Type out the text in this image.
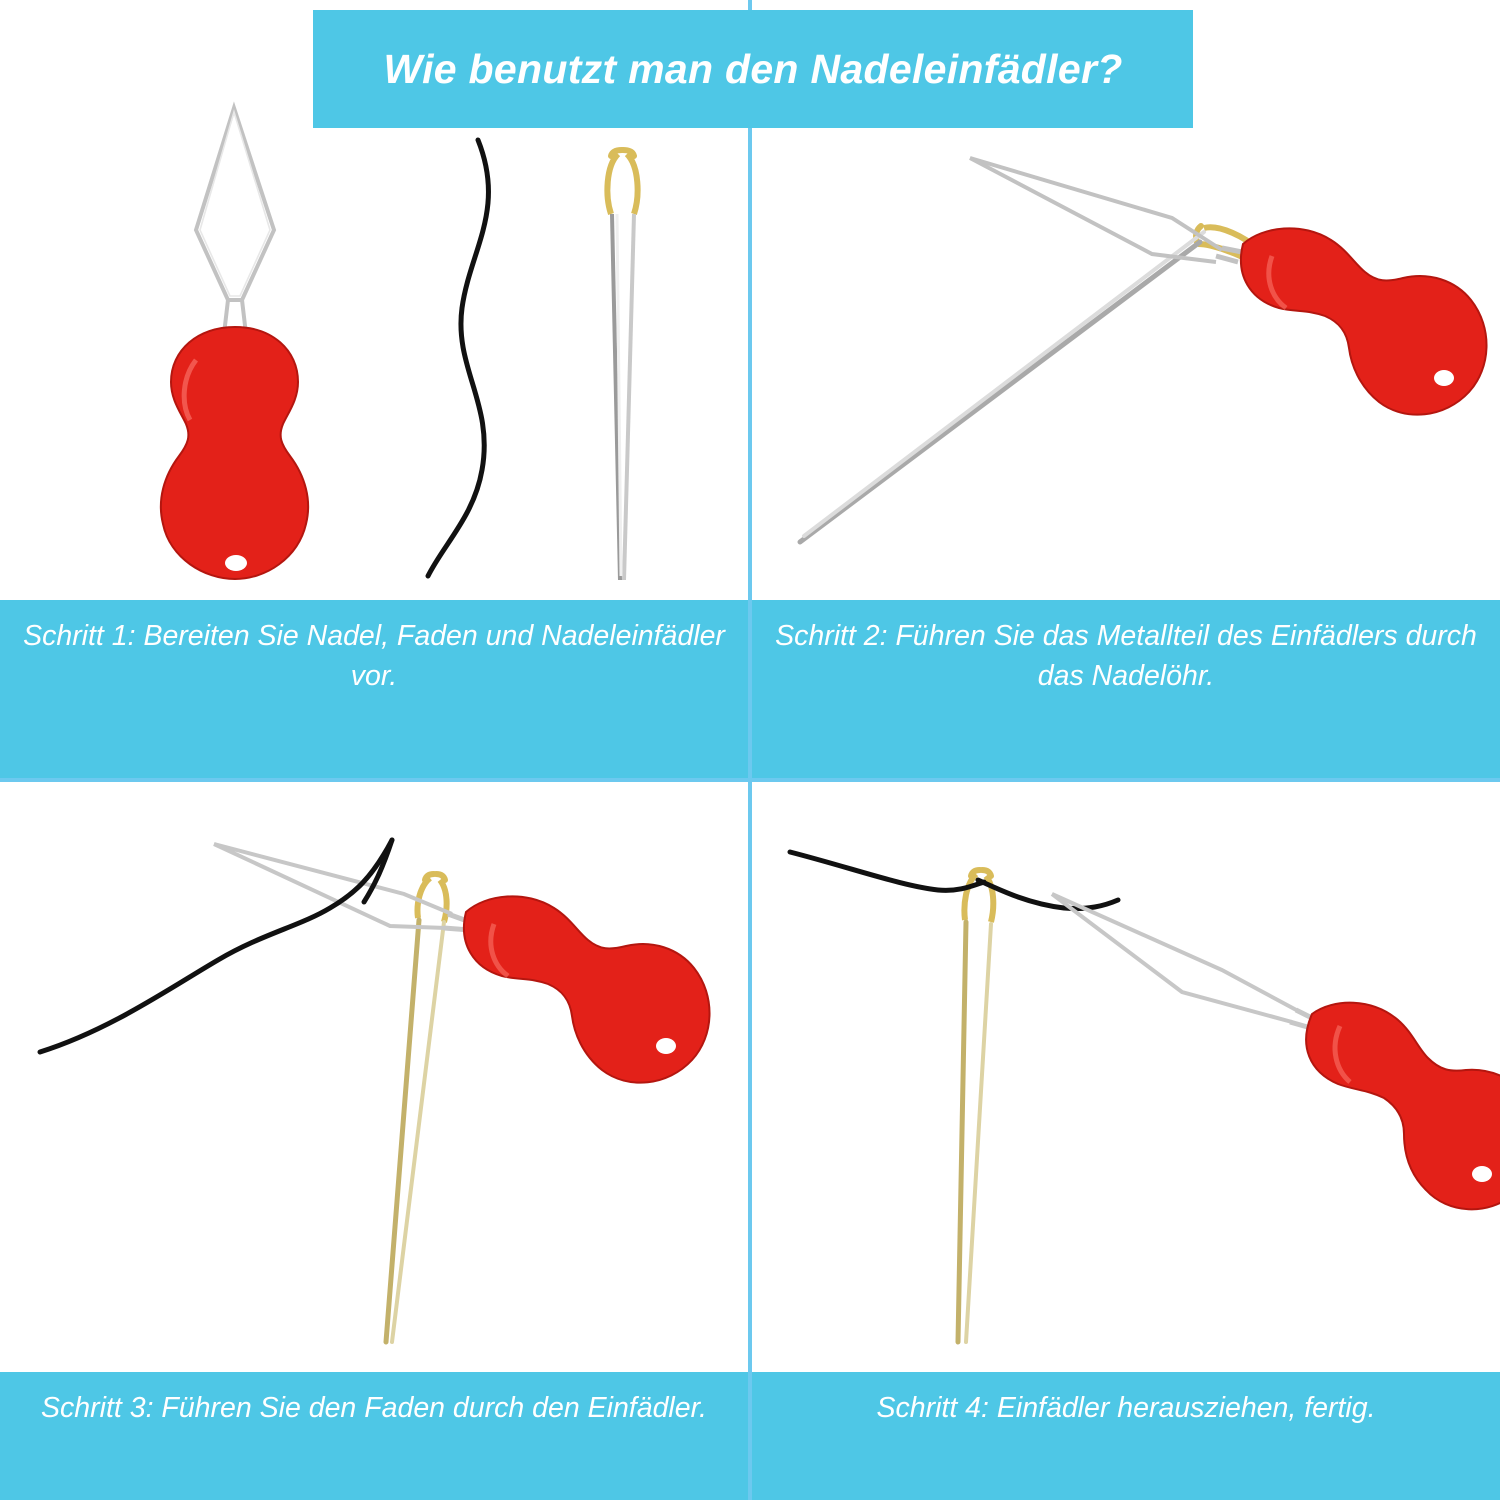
Schritt 1: Bereiten Sie Nadel, Faden und Nadeleinfädler vor.
Schritt 2: Führen Sie das Metallteil des Einfädlers durch das Nadelöhr.
Schritt 3: Führen Sie den Faden durch den Einfädler.	Schritt 4: Einfädler herausziehen, fertig.
Wie benutzt man den Nadeleinfädler?
